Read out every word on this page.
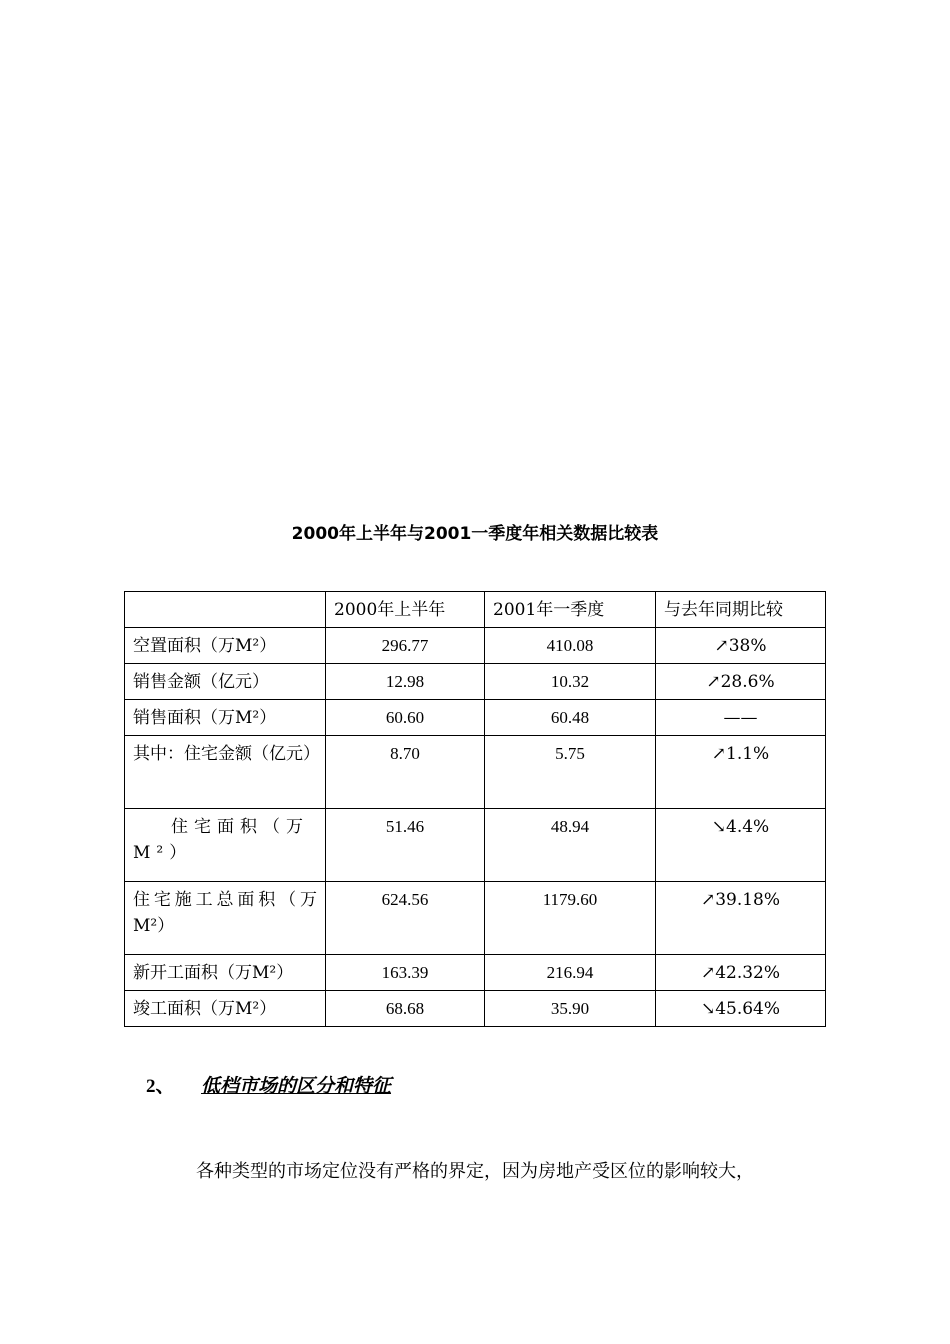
2000年上半年与2001一季度年相关数据比较表
	2000年上半年	2001年一季度	与去年同期比较
空置面积（万M²）	296.77	410.08	↗38%
销售金额（亿元）	12.98	10.32	↗28.6%
销售面积（万M²）	60.60	60.48	——
其中：住宅金额（亿元）	8.70	5.75	↗1.1%
住宅面积（万M²）	51.46	48.94	↘4.4%
住宅施工总面积（万M²）	624.56	1179.60	↗39.18%
新开工面积（万M²）	163.39	216.94	↗42.32%
竣工面积（万M²）	68.68	35.90	↘45.64%
2、 低档市场的区分和特征
各种类型的市场定位没有严格的界定，因为房地产受区位的影响较大，
